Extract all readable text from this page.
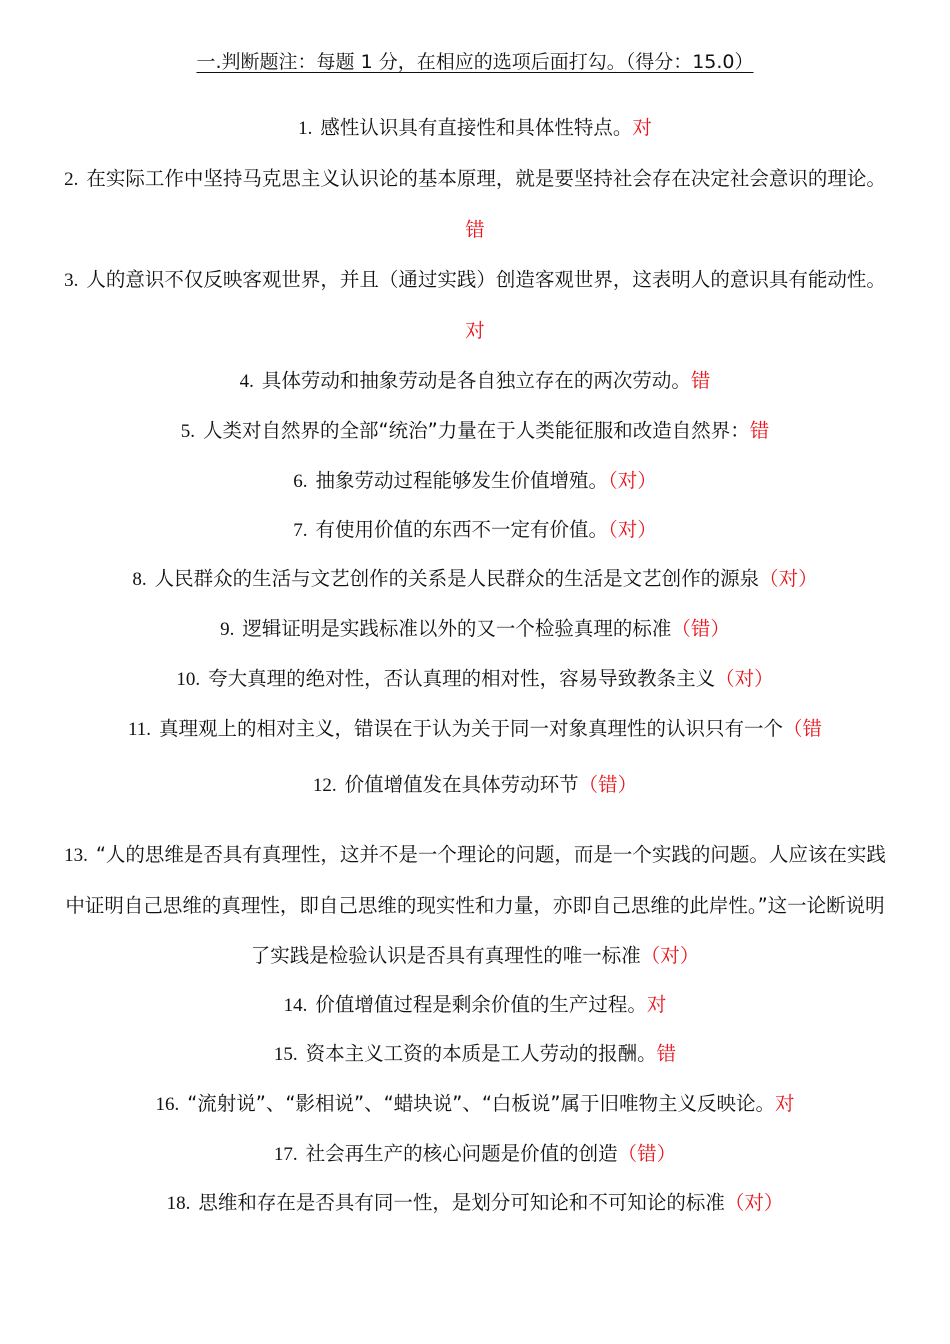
一.判断题注：每题 1 分，在相应的选项后面打勾。（得分：15.0）
1. 感性认识具有直接性和具体性特点。对
2. 在实际工作中坚持马克思主义认识论的基本原理，就是要坚持社会存在决定社会意识的理论。错
3. 人的意识不仅反映客观世界，并且（通过实践）创造客观世界，这表明人的意识具有能动性。对
4. 具体劳动和抽象劳动是各自独立存在的两次劳动。错
5. 人类对自然界的全部“统治”力量在于人类能征服和改造自然界：错
6. 抽象劳动过程能够发生价值增殖。（对）
7. 有使用价值的东西不一定有价值。（对）
8. 人民群众的生活与文艺创作的关系是人民群众的生活是文艺创作的源泉（对）
9. 逻辑证明是实践标准以外的又一个检验真理的标准（错）
10. 夸大真理的绝对性，否认真理的相对性，容易导致教条主义（对）
11. 真理观上的相对主义，错误在于认为关于同一对象真理性的认识只有一个（错
12. 价值增值发在具体劳动环节（错）
13. “人的思维是否具有真理性，这并不是一个理论的问题，而是一个实践的问题。人应该在实践中证明自己思维的真理性，即自己思维的现实性和力量，亦即自己思维的此岸性。”这一论断说明了实践是检验认识是否具有真理性的唯一标准（对）
14. 价值增值过程是剩余价值的生产过程。对
15. 资本主义工资的本质是工人劳动的报酬。错
16. “流射说”、“影相说”、“蜡块说”、“白板说”属于旧唯物主义反映论。对
17. 社会再生产的核心问题是价值的创造（错）
18. 思维和存在是否具有同一性，是划分可知论和不可知论的标准（对）
